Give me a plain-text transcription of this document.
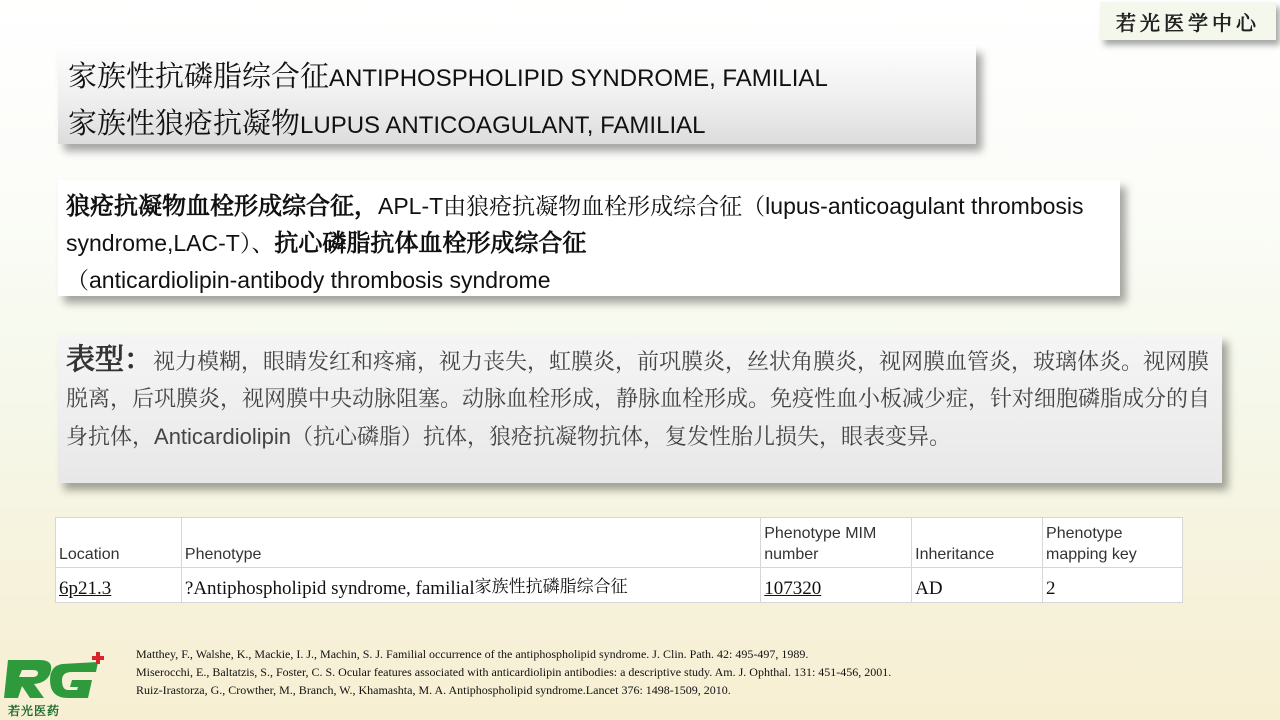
若光医学中心
家族性抗磷脂综合征ANTIPHOSPHOLIPID SYNDROME, FAMILIAL
家族性狼疮抗凝物LUPUS ANTICOAGULANT, FAMILIAL
狼疮抗凝物血栓形成综合征，APL-T由狼疮抗凝物血栓形成综合征（lupus-anticoagulant thrombosis syndrome,LAC-T）、抗心磷脂抗体血栓形成综合征
（anticardiolipin-antibody thrombosis syndrome
表型：视力模糊，眼睛发红和疼痛，视力丧失，虹膜炎，前巩膜炎，丝状角膜炎，视网膜血管炎，玻璃体炎。视网膜脱离，后巩膜炎，视网膜中央动脉阻塞。动脉血栓形成，静脉血栓形成。免疫性血小板减少症，针对细胞磷脂成分的自身抗体，Anticardiolipin（抗心磷脂）抗体，狼疮抗凝物抗体，复发性胎儿损失，眼表变异。
Location	Phenotype	Phenotype MIM number	Inheritance	Phenotype mapping key
6p21.3	?Antiphospholipid syndrome, familial家族性抗磷脂综合征	107320	AD	2
Matthey, F., Walshe, K., Mackie, I. J., Machin, S. J. Familial occurrence of the antiphospholipid syndrome. J. Clin. Path. 42: 495-497, 1989.
Miserocchi, E., Baltatzis, S., Foster, C. S. Ocular features associated with anticardiolipin antibodies: a descriptive study. Am. J. Ophthal. 131: 451-456, 2001.
Ruiz-Irastorza, G., Crowther, M., Branch, W., Khamashta, M. A. Antiphospholipid syndrome.Lancet 376: 1498-1509, 2010.
若光医药
